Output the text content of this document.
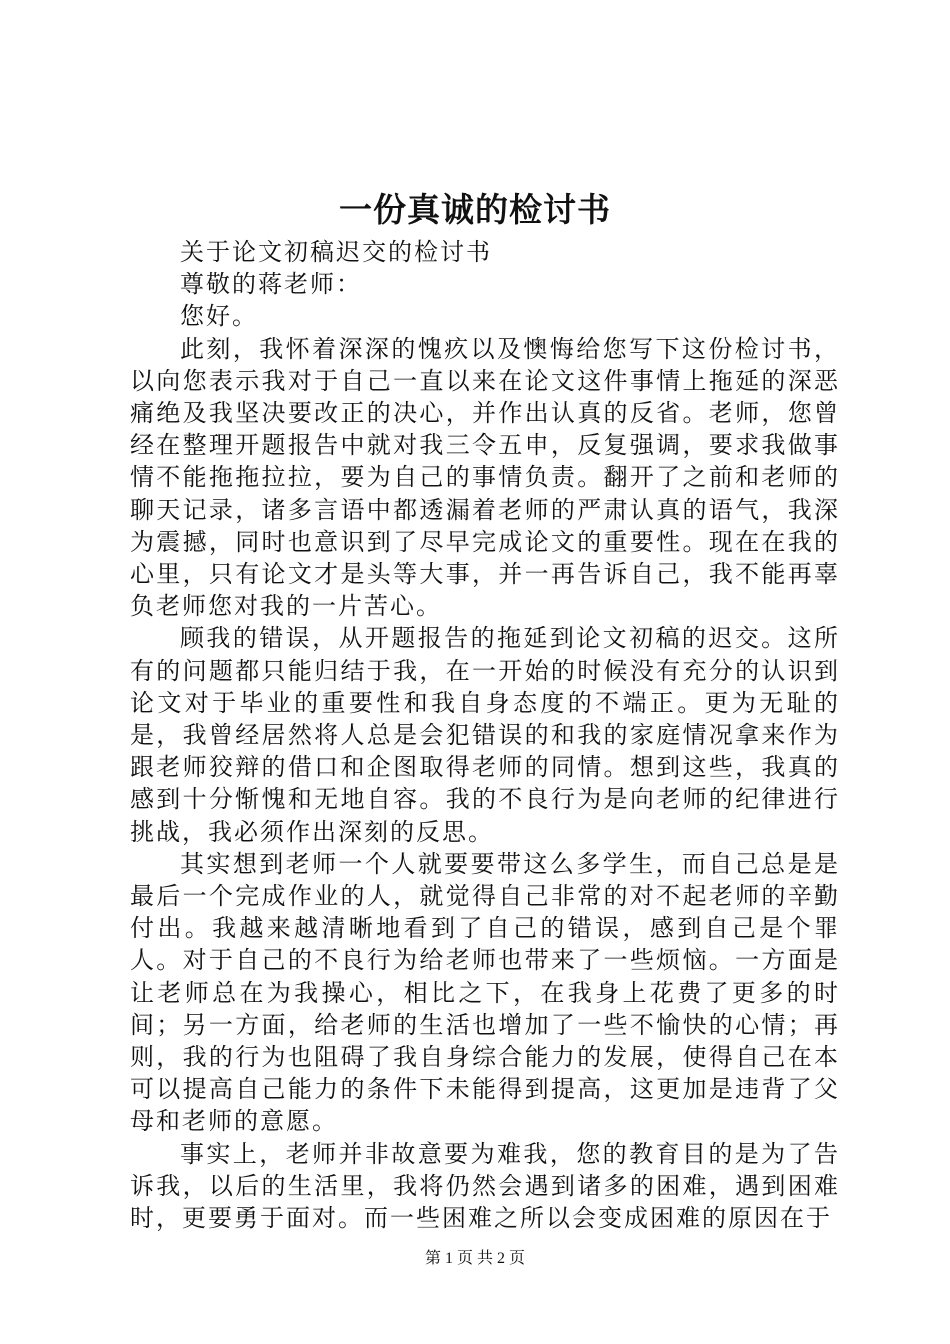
一份真诚的检讨书

关于论文初稿迟交的检讨书

尊敬的蒋老师：

您好。

此刻，我怀着深深的愧疚以及懊悔给您写下这份检讨书，以向您表示我对于自己一直以来在论文这件事情上拖延的深恶痛绝及我坚决要改正的决心，并作出认真的反省。老师，您曾经在整理开题报告中就对我三令五申，反复强调，要求我做事情不能拖拖拉拉，要为自己的事情负责。翻开了之前和老师的聊天记录，诸多言语中都透漏着老师的严肃认真的语气，我深为震撼，同时也意识到了尽早完成论文的重要性。现在在我的心里，只有论文才是头等大事，并一再告诉自己，我不能再辜负老师您对我的一片苦心。

顾我的错误，从开题报告的拖延到论文初稿的迟交。这所有的问题都只能归结于我，在一开始的时候没有充分的认识到论文对于毕业的重要性和我自身态度的不端正。更为无耻的是，我曾经居然将人总是会犯错误的和我的家庭情况拿来作为跟老师狡辩的借口和企图取得老师的同情。想到这些，我真的感到十分惭愧和无地自容。我的不良行为是向老师的纪律进行挑战，我必须作出深刻的反思。

其实想到老师一个人就要要带这么多学生，而自己总是是最后一个完成作业的人，就觉得自己非常的对不起老师的辛勤付出。我越来越清晰地看到了自己的错误，感到自己是个罪人。对于自己的不良行为给老师也带来了一些烦恼。一方面是让老师总在为我操心，相比之下，在我身上花费了更多的时间；另一方面，给老师的生活也增加了一些不愉快的心情；再则，我的行为也阻碍了我自身综合能力的发展，使得自己在本可以提高自己能力的条件下未能得到提高，这更加是违背了父母和老师的意愿。

事实上，老师并非故意要为难我，您的教育目的是为了告诉我，以后的生活里，我将仍然会遇到诸多的困难，遇到困难时，更要勇于面对。而一些困难之所以会变成困难的原因在于

第 1 页 共 2 页
